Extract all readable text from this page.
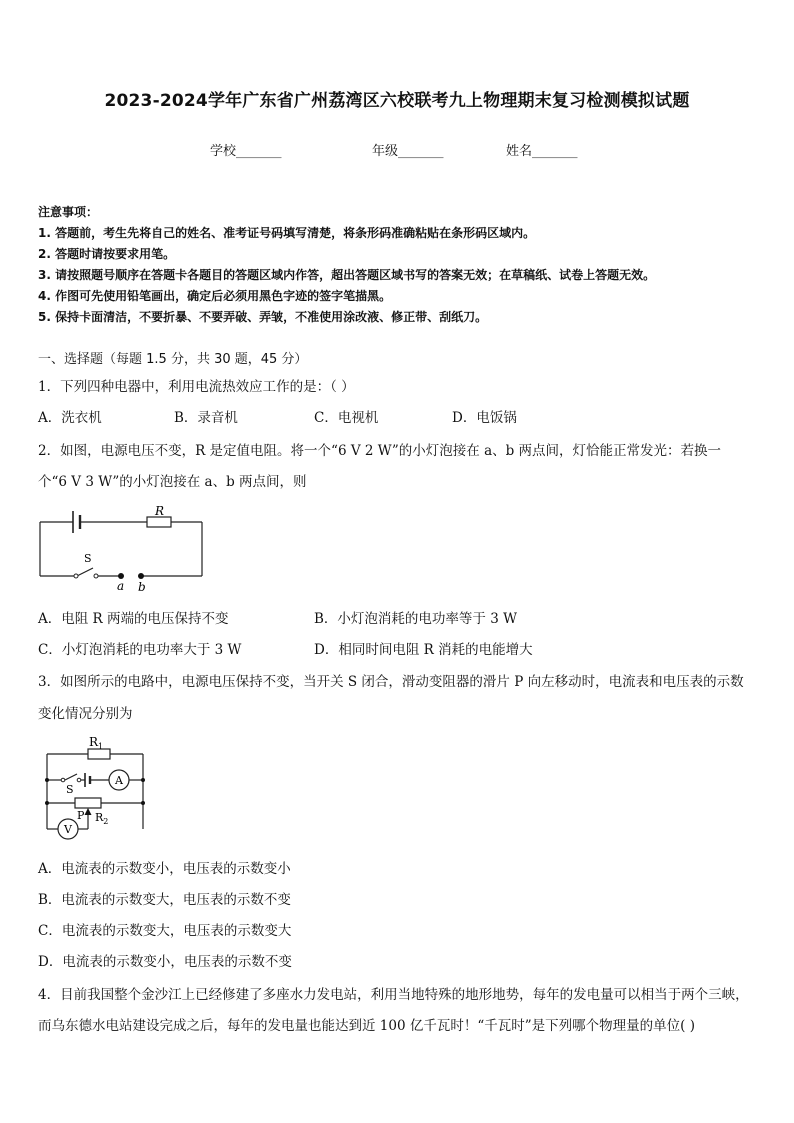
2023-2024学年广东省广州荔湾区六校联考九上物理期末复习检测模拟试题
学校_______	年级_______	姓名_______
注意事项：
1. 答题前，考生先将自己的姓名、准考证号码填写清楚，将条形码准确粘贴在条形码区域内。
2. 答题时请按要求用笔。
3. 请按照题号顺序在答题卡各题目的答题区域内作答，超出答题区域书写的答案无效；在草稿纸、试卷上答题无效。
4. 作图可先使用铅笔画出，确定后必须用黑色字迹的签字笔描黑。
5. 保持卡面清洁，不要折暴、不要弄破、弄皱，不准使用涂改液、修正带、刮纸刀。
一、选择题（每题 1.5 分，共 30 题，45 分）
1．下列四种电器中，利用电流热效应工作的是：（ ）
A．洗衣机	B．录音机	C．电视机	D．电饭锅
2．如图，电源电压不变，R 是定值电阻。将一个“6 V 2 W”的小灯泡接在 a、b 两点间，灯恰能正常发光：若换一
个“6 V 3 W”的小灯泡接在 a、b 两点间，则
R
S
a b
$R_1$
S
P $R_2$
A
V
A．电阻 R 两端的电压保持不变	B．小灯泡消耗的电功率等于 3 W
C．小灯泡消耗的电功率大于 3 W	D．相同时间电阻 R 消耗的电能增大
3．如图所示的电路中，电源电压保持不变，当开关 S 闭合，滑动变阻器的滑片 P 向左移动时，电流表和电压表的示数
变化情况分别为
A．电流表的示数变小，电压表的示数变小
B．电流表的示数变大，电压表的示数不变
C．电流表的示数变大，电压表的示数变大
D．电流表的示数变小，电压表的示数不变
4．目前我国整个金沙江上已经修建了多座水力发电站，利用当地特殊的地形地势，每年的发电量可以相当于两个三峡，
而乌东德水电站建设完成之后，每年的发电量也能达到近 100 亿千瓦时！“千瓦时”是下列哪个物理量的单位( )
